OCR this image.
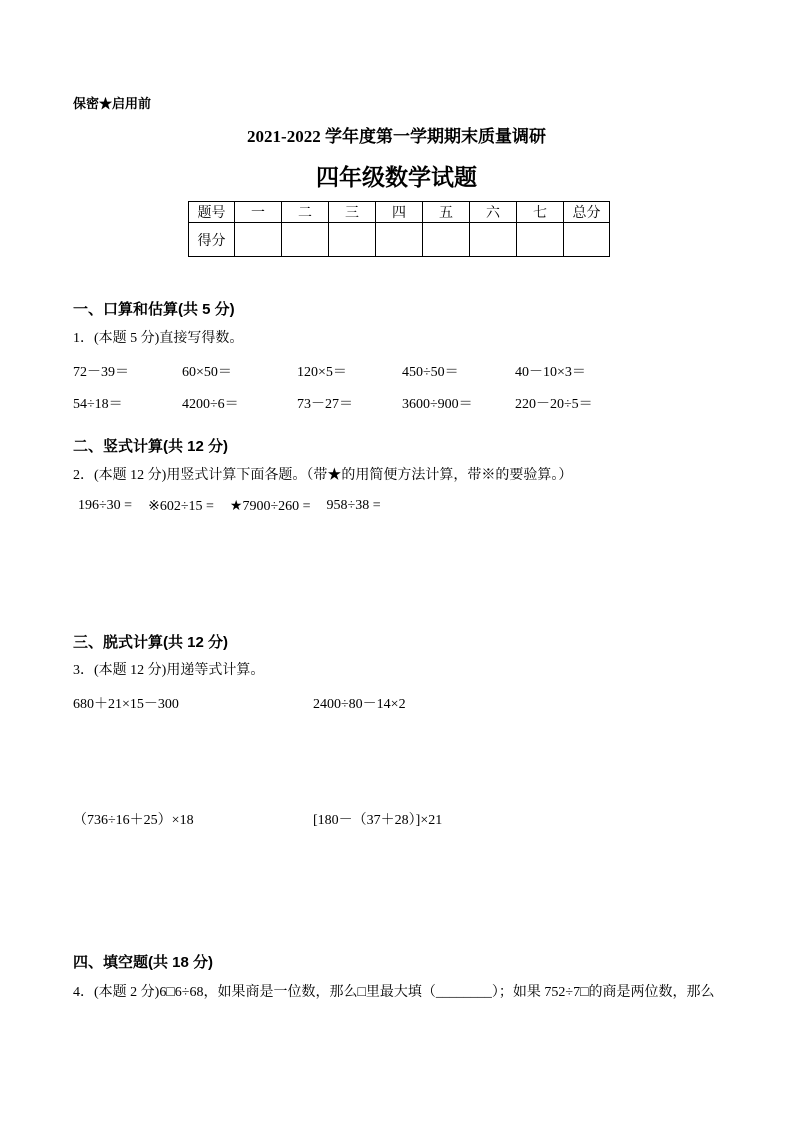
保密★启用前
2021-2022 学年度第一学期期末质量调研
四年级数学试题
题号	一	二	三	四	五	六	七	总分
得分								
一、口算和估算(共 5 分)
1．(本题 5 分)直接写得数。
72－39＝	60×50＝	120×5＝	450÷50＝	40－10×3＝
54÷18＝	4200÷6＝	73－27＝	3600÷900＝	220－20÷5＝
二、竖式计算(共 12 分)
2．(本题 12 分)用竖式计算下面各题。（带★的用简便方法计算，带※的要验算。）
196÷30 = ※602÷15 = ★7900÷260 = 958÷38 =
三、脱式计算(共 12 分)
3．(本题 12 分)用递等式计算。
680＋21×15－300	2400÷80－14×2
（736÷16＋25）×18	[180－（37＋28）]×21
四、填空题(共 18 分)
4．(本题 2 分)6□6÷68，如果商是一位数，那么□里最大填（________）；如果 752÷7□的商是两位数，那么
